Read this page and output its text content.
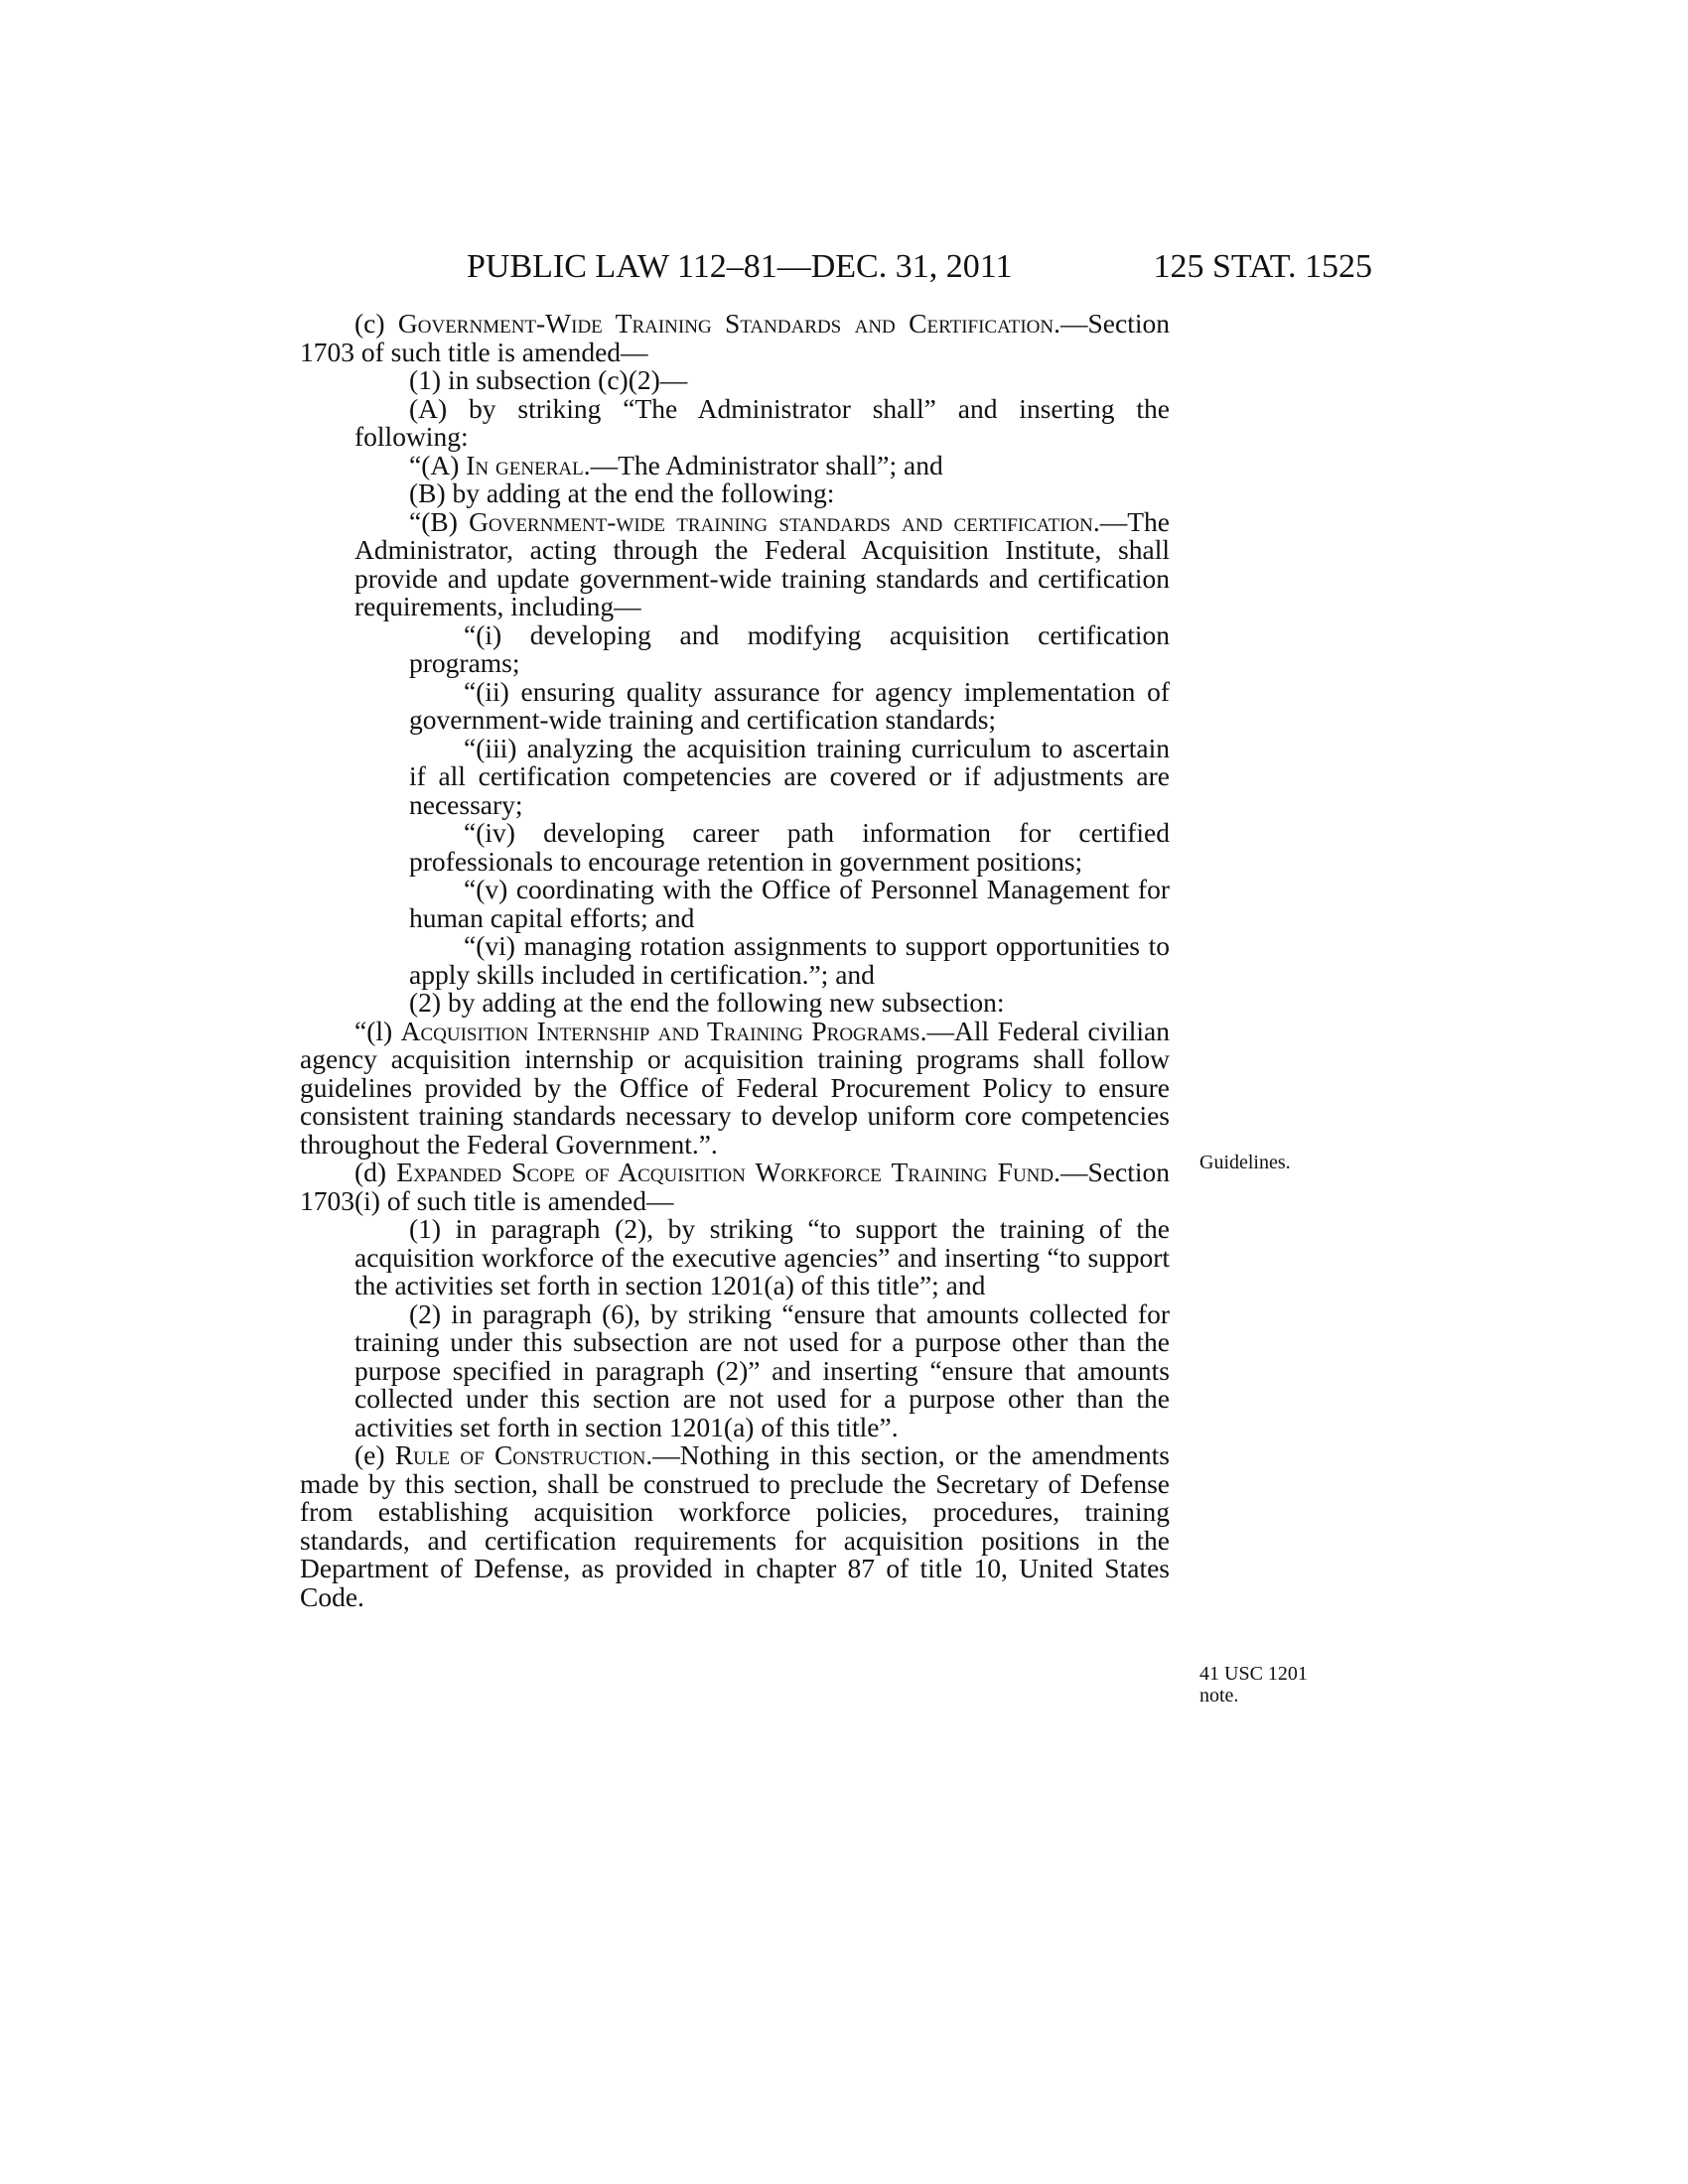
PUBLIC LAW 112–81—DEC. 31, 2011	125 STAT. 1525

(c) Government-Wide Training Standards and Certification.—Section 1703 of such title is amended—

(1) in subsection (c)(2)—

(A) by striking “The Administrator shall” and inserting the following:

“(A) In general.—The Administrator shall”; and

(B) by adding at the end the following:

“(B) Government-wide training standards and certification.—The Administrator, acting through the Federal Acquisition Institute, shall provide and update government-wide training standards and certification requirements, including—

“(i) developing and modifying acquisition certification programs;

“(ii) ensuring quality assurance for agency implementation of government-wide training and certification standards;

“(iii) analyzing the acquisition training curriculum to ascertain if all certification competencies are covered or if adjustments are necessary;

“(iv) developing career path information for certified professionals to encourage retention in government positions;

“(v) coordinating with the Office of Personnel Management for human capital efforts; and

“(vi) managing rotation assignments to support opportunities to apply skills included in certification.”; and

(2) by adding at the end the following new subsection:

“(l) Acquisition Internship and Training Programs.—All Federal civilian agency acquisition internship or acquisition training programs shall follow guidelines provided by the Office of Federal Procurement Policy to ensure consistent training standards necessary to develop uniform core competencies throughout the Federal Government.”.

(d) Expanded Scope of Acquisition Workforce Training Fund.—Section 1703(i) of such title is amended—

(1) in paragraph (2), by striking “to support the training of the acquisition workforce of the executive agencies” and inserting “to support the activities set forth in section 1201(a) of this title”; and

(2) in paragraph (6), by striking “ensure that amounts collected for training under this subsection are not used for a purpose other than the purpose specified in paragraph (2)” and inserting “ensure that amounts collected under this section are not used for a purpose other than the activities set forth in section 1201(a) of this title”.

(e) Rule of Construction.—Nothing in this section, or the amendments made by this section, shall be construed to preclude the Secretary of Defense from establishing acquisition workforce policies, procedures, training standards, and certification requirements for acquisition positions in the Department of Defense, as provided in chapter 87 of title 10, United States Code.

Guidelines.
41 USC 1201
note.
